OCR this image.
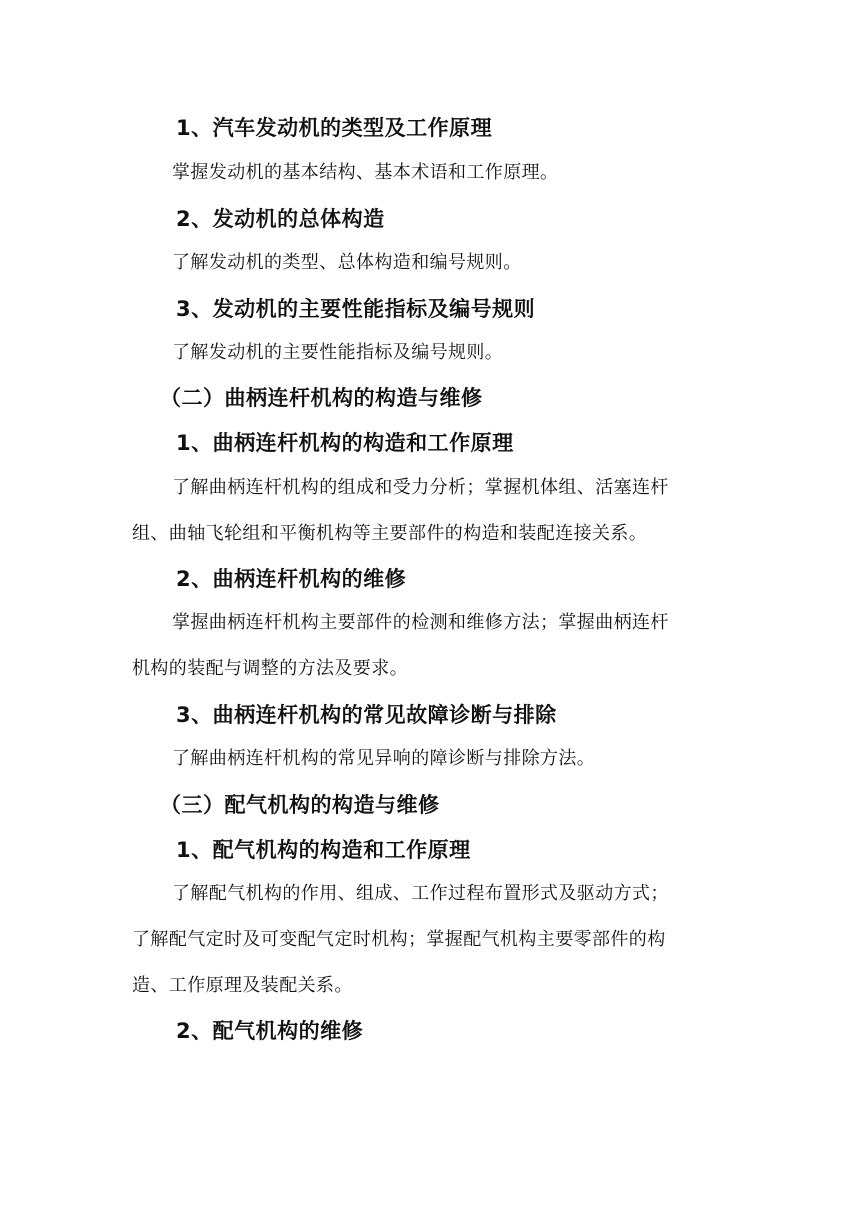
1、汽车发动机的类型及工作原理
掌握发动机的基本结构、基本术语和工作原理。
2、发动机的总体构造
了解发动机的类型、总体构造和编号规则。
3、发动机的主要性能指标及编号规则
了解发动机的主要性能指标及编号规则。
（二）曲柄连杆机构的构造与维修
1、曲柄连杆机构的构造和工作原理
了解曲柄连杆机构的组成和受力分析；掌握机体组、活塞连杆
组、曲轴飞轮组和平衡机构等主要部件的构造和装配连接关系。
2、曲柄连杆机构的维修
掌握曲柄连杆机构主要部件的检测和维修方法；掌握曲柄连杆
机构的装配与调整的方法及要求。
3、曲柄连杆机构的常见故障诊断与排除
了解曲柄连杆机构的常见异响的障诊断与排除方法。
（三）配气机构的构造与维修
1、配气机构的构造和工作原理
了解配气机构的作用、组成、工作过程布置形式及驱动方式；
了解配气定时及可变配气定时机构；掌握配气机构主要零部件的构
造、工作原理及装配关系。
2、配气机构的维修
